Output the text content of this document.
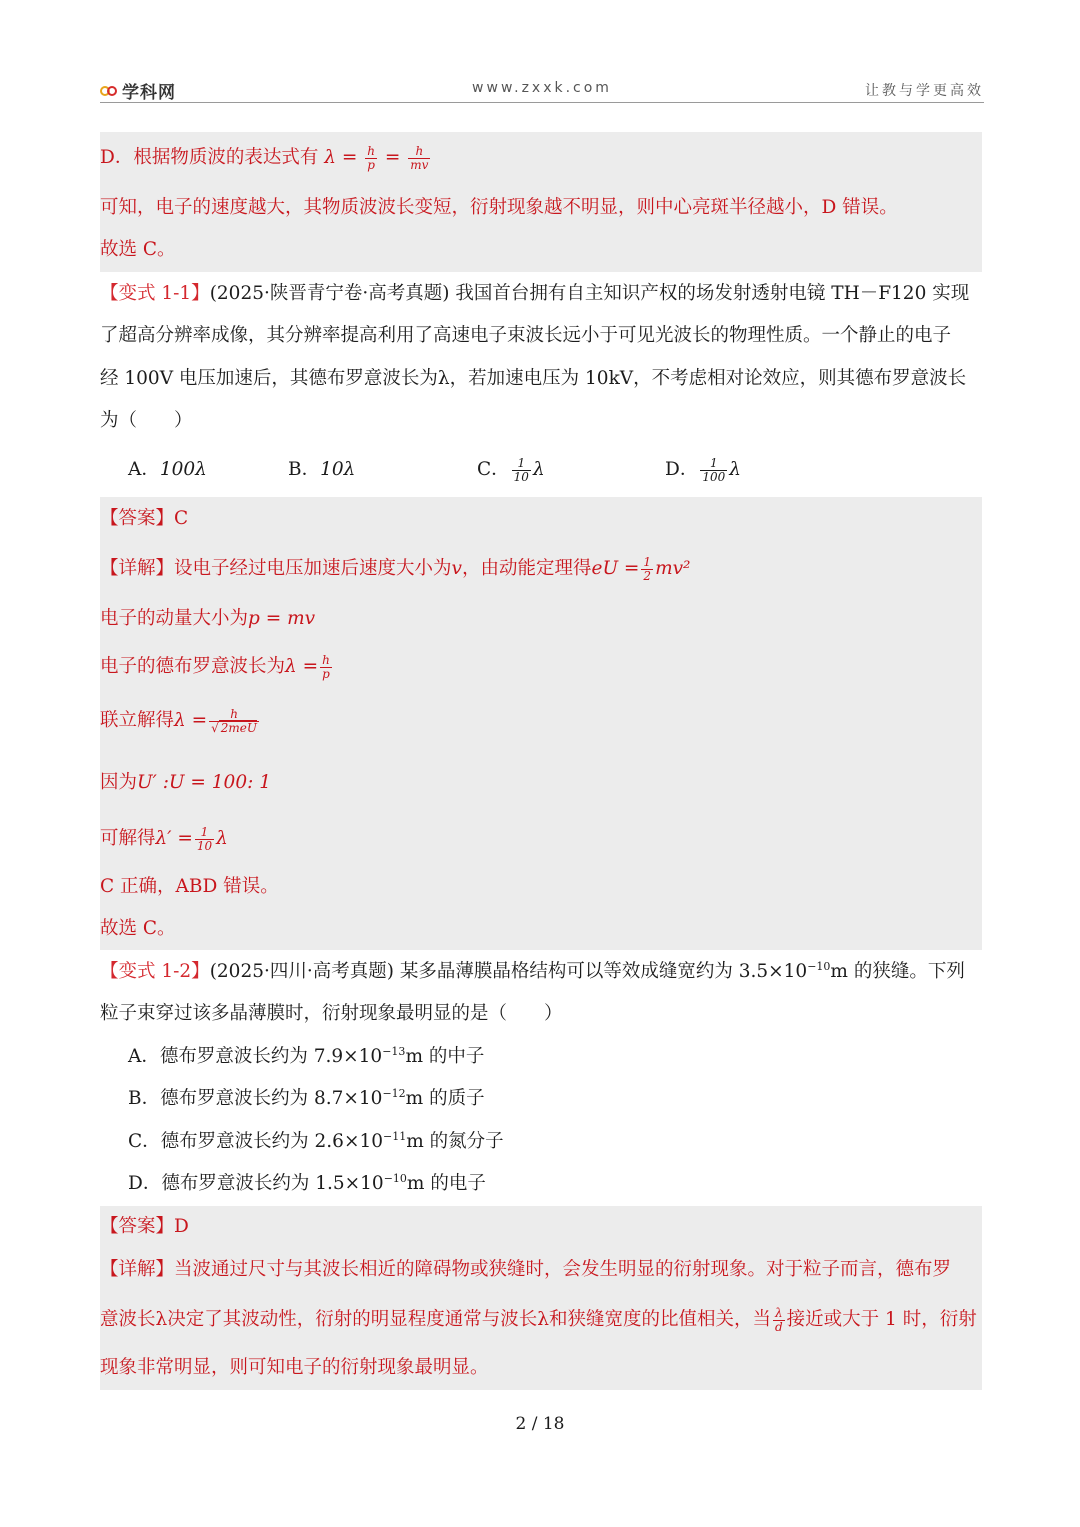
学科网	www.zxxk.com	让教与学更高效
D．根据物质波的表达式有 $\lambda = \frac{h}{p} = \frac{h}{mv}$
可知，电子的速度越大，其物质波波长变短，衍射现象越不明显，则中心亮斑半径越小，D 错误。
故选 C。
【变式 1-1】(2025·陕晋青宁卷·高考真题) 我国首台拥有自主知识产权的场发射透射电镜 TH－F120 实现
了超高分辨率成像，其分辨率提高利用了高速电子束波长远小于可见光波长的物理性质。一个静止的电子
经 100V 电压加速后，其德布罗意波长为λ，若加速电压为 10kV，不考虑相对论效应，则其德布罗意波长
为（　　）
A．100λ	B．10λ	C． $\frac{1}{10}$ λ	D． $\frac{1}{100}$ λ
【答案】C
【详解】设电子经过电压加速后速度大小为v，由动能定理得eU = $\frac{1}{2} mv^2$
电子的动量大小为p = mv
电子的德布罗意波长为$\lambda = \frac{h}{p}$
联立解得$\lambda = \frac{h}{\text{√ 2meU}}$
因为U′ :U = 100: 1
可解得$\lambda' = \frac{1}{10}$ λ
C 正确，ABD 错误。
故选 C。
【变式 1-2】(2025·四川·高考真题) 某多晶薄膜晶格结构可以等效成缝宽约为 $3.5\times 10^{-10}m$ 的狭缝。下列
粒子束穿过该多晶薄膜时，衍射现象最明显的是（　　）
A．德布罗意波长约为 $7.9\times 10^{-13}m$ 的中子
B．德布罗意波长约为 $8.7\times 10^{-12}m$ 的质子
C．德布罗意波长约为 $2.6\times 10^{-11}m$ 的氮分子
D．德布罗意波长约为 $1.5\times 10^{-10}m$ 的电子
【答案】D
【详解】当波通过尺寸与其波长相近的障碍物或狭缝时，会发生明显的衍射现象。对于粒子而言，德布罗
意波长λ决定了其波动性，衍射的明显程度通常与波长λ和狭缝宽度的比值相关，当 $\frac{\lambda}{d}$ 接近或大于 1 时，衍射
现象非常明显，则可知电子的衍射现象最明显。
2 / 18
